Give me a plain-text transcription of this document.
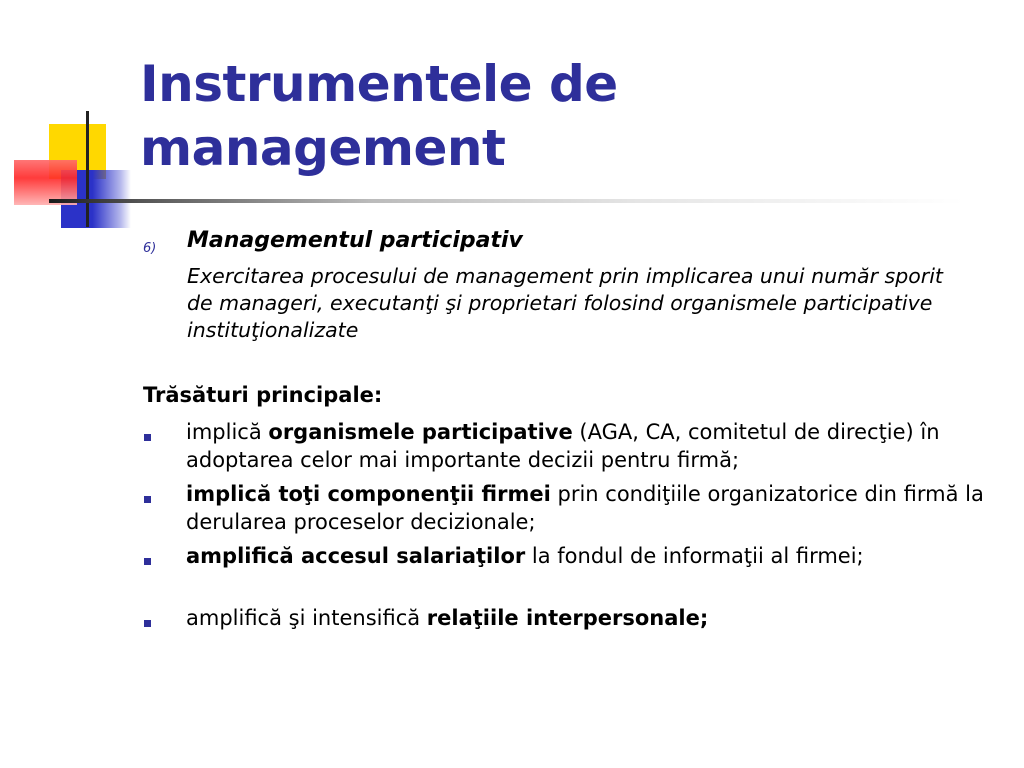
Instrumentele de management
6) Managementul participativ
Exercitarea procesului de management prin implicarea unui număr sporit de manageri, executanţi şi proprietari folosind organismele participative instituţionalizate
Trăsături principale:
implică organismele participative (AGA, CA, comitetul de direcţie) în adoptarea celor mai importante decizii pentru firmă;
implică toţi componenţii firmei prin condiţiile organizatorice din firmă la derularea proceselor decizionale;
amplifică accesul salariaţilor la fondul de informaţii al firmei;
amplifică şi intensifică relaţiile interpersonale;
